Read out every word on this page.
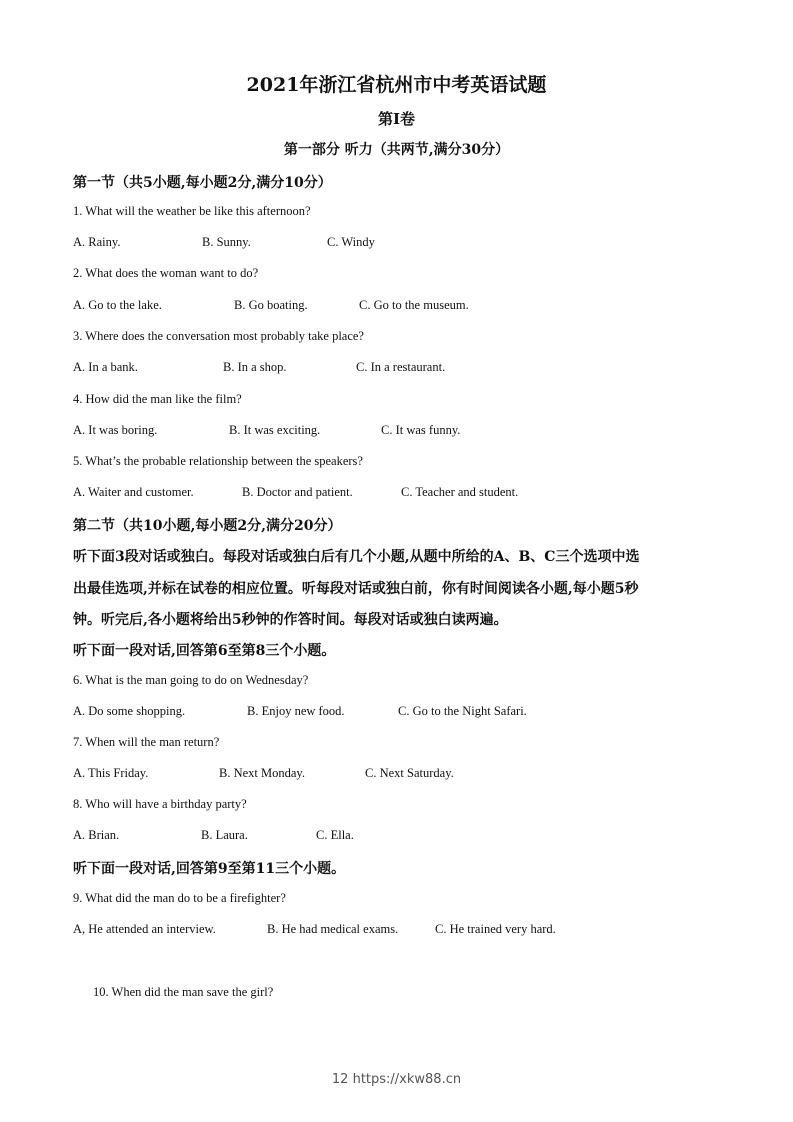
2021年浙江省杭州市中考英语试题
第Ⅰ卷
第一部分 听力（共两节,满分30分）
第一节（共5小题,每小题2分,满分10分）
1. What will the weather be like this afternoon?
A. Rainy.	B. Sunny.	C. Windy
2. What does the woman want to do?
A. Go to the lake.	B. Go boating.	C. Go to the museum.
3. Where does the conversation most probably take place?
A. In a bank.	B. In a shop.	C. In a restaurant.
4. How did the man like the film?
A. It was boring.	B. It was exciting.	C. It was funny.
5. What’s the probable relationship between the speakers?
A. Waiter and customer.	B. Doctor and patient.	C. Teacher and student.
第二节（共10小题,每小题2分,满分20分）
听下面3段对话或独白。每段对话或独白后有几个小题,从题中所给的A、B、C三个选项中选
出最佳选项,并标在试卷的相应位置。听每段对话或独白前，你有时间阅读各小题,每小题5秒
钟。听完后,各小题将给出5秒钟的作答时间。每段对话或独白读两遍。
听下面一段对话,回答第6至第8三个小题。
6. What is the man going to do on Wednesday?
A. Do some shopping.	B. Enjoy new food.	C. Go to the Night Safari.
7. When will the man return?
A. This Friday.	B. Next Monday.	C. Next Saturday.
8. Who will have a birthday party?
A. Brian.	B. Laura.	C. Ella.
听下面一段对话,回答第9至第11三个小题。
9. What did the man do to be a firefighter?
A, He attended an interview.	B. He had medical exams.	C. He trained very hard.
10. When did the man save the girl?
12 https://xkw88.cn
